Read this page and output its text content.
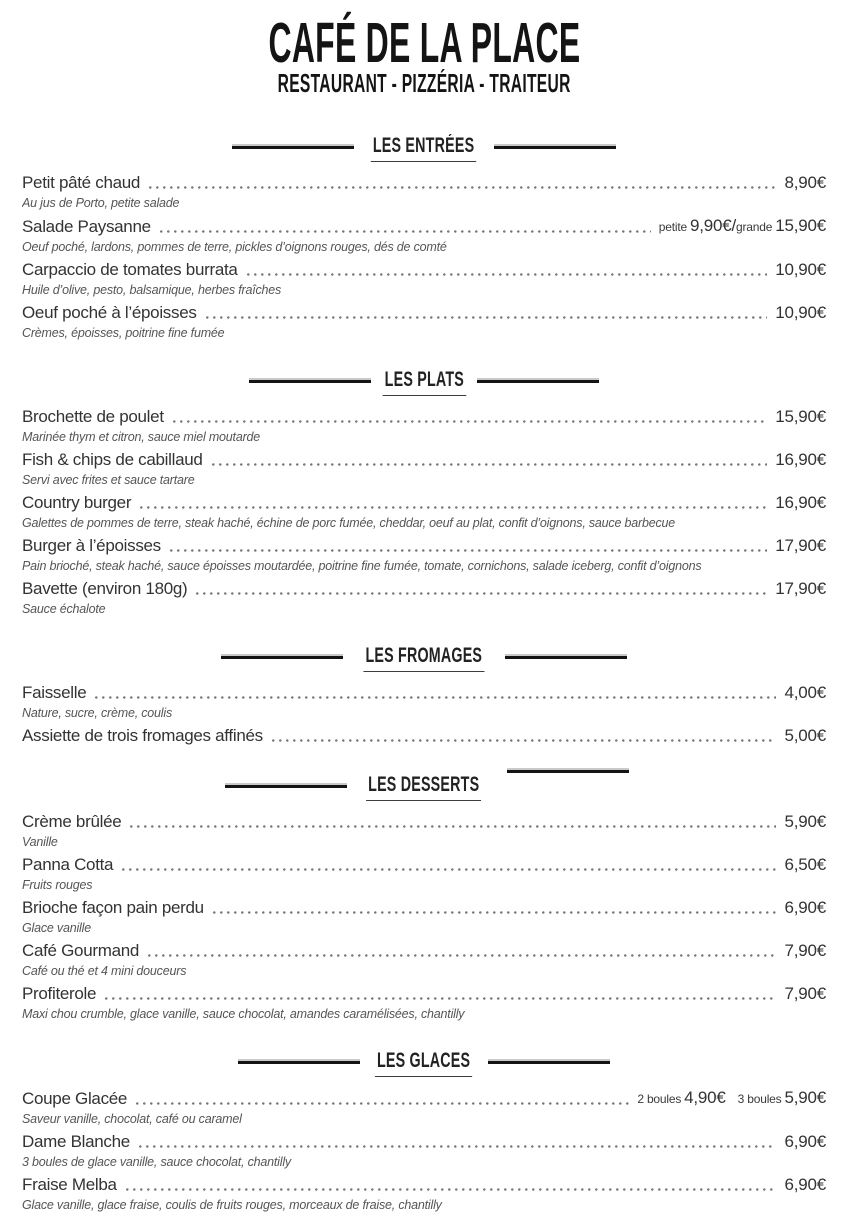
CAFÉ DE LA PLACE
RESTAURANT - PIZZÉRIA - TRAITEUR
LES ENTRÉES
Petit pâté chaud	8,90€
Au jus de Porto, petite salade
Salade Paysanne	petite 9,90€/grande 15,90€
Oeuf poché, lardons, pommes de terre, pickles d’oignons rouges, dés de comté
Carpaccio de tomates burrata	10,90€
Huile d’olive, pesto, balsamique, herbes fraîches
Oeuf poché à l’époisses	10,90€
Crèmes, époisses, poitrine fine fumée
LES PLATS
Brochette de poulet	15,90€
Marinée thym et citron, sauce miel moutarde
Fish & chips de cabillaud	16,90€
Servi avec frites et sauce tartare
Country burger	16,90€
Galettes de pommes de terre, steak haché, échine de porc fumée, cheddar, oeuf au plat, confit d’oignons, sauce barbecue
Burger à l’époisses	17,90€
Pain brioché, steak haché, sauce époisses moutardée, poitrine fine fumée, tomate, cornichons, salade iceberg, confit d’oignons
Bavette (environ 180g)	17,90€
Sauce échalote
LES FROMAGES
Faisselle	4,00€
Nature, sucre, crème, coulis
Assiette de trois fromages affinés	5,00€
LES DESSERTS
Crème brûlée	5,90€
Vanille
Panna Cotta	6,50€
Fruits rouges
Brioche façon pain perdu	6,90€
Glace vanille
Café Gourmand	7,90€
Café ou thé et 4 mini douceurs
Profiterole	7,90€
Maxi chou crumble, glace vanille, sauce chocolat, amandes caramélisées, chantilly
LES GLACES
Coupe Glacée	2 boules 4,90€ 3 boules 5,90€
Saveur vanille, chocolat, café ou caramel
Dame Blanche	6,90€
3 boules de glace vanille, sauce chocolat, chantilly
Fraise Melba	6,90€
Glace vanille, glace fraise, coulis de fruits rouges, morceaux de fraise, chantilly
